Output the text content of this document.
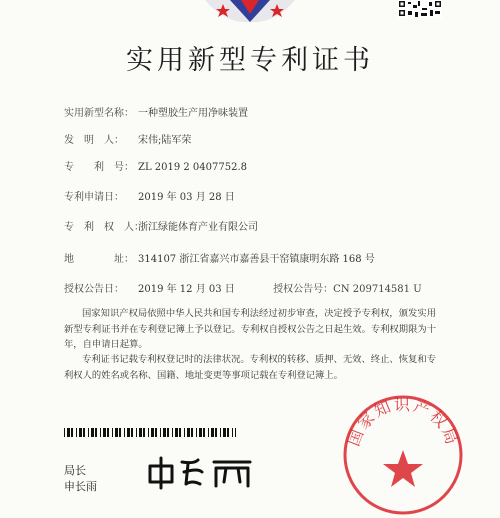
实用新型专利证书
实用新型名称： 一种塑胶生产用净味装置
发　明　人： 宋伟;陆军荣
专　　利　号： ZL 2019 2 0407752.8
专利申请日： 2019 年 03 月 28 日
专　利　权　人：浙江绿能体育产业有限公司
地　　　　址： 314107 浙江省嘉兴市嘉善县干窑镇康明东路 168 号
授权公告日： 2019 年 12 月 03 日	授权公告号：CN 209714581 U
国家知识产权局依照中华人民共和国专利法经过初步审查，决定授予专利权，颁发实用新型专利证书并在专利登记簿上予以登记。专利权自授权公告之日起生效。专利权期限为十年，自申请日起算。
专利证书记载专利权登记时的法律状况。专利权的转移、质押、无效、终止、恢复和专利权人的姓名或名称、国籍、地址变更等事项记载在专利登记簿上。
国家知识产权局
局长
申长雨
